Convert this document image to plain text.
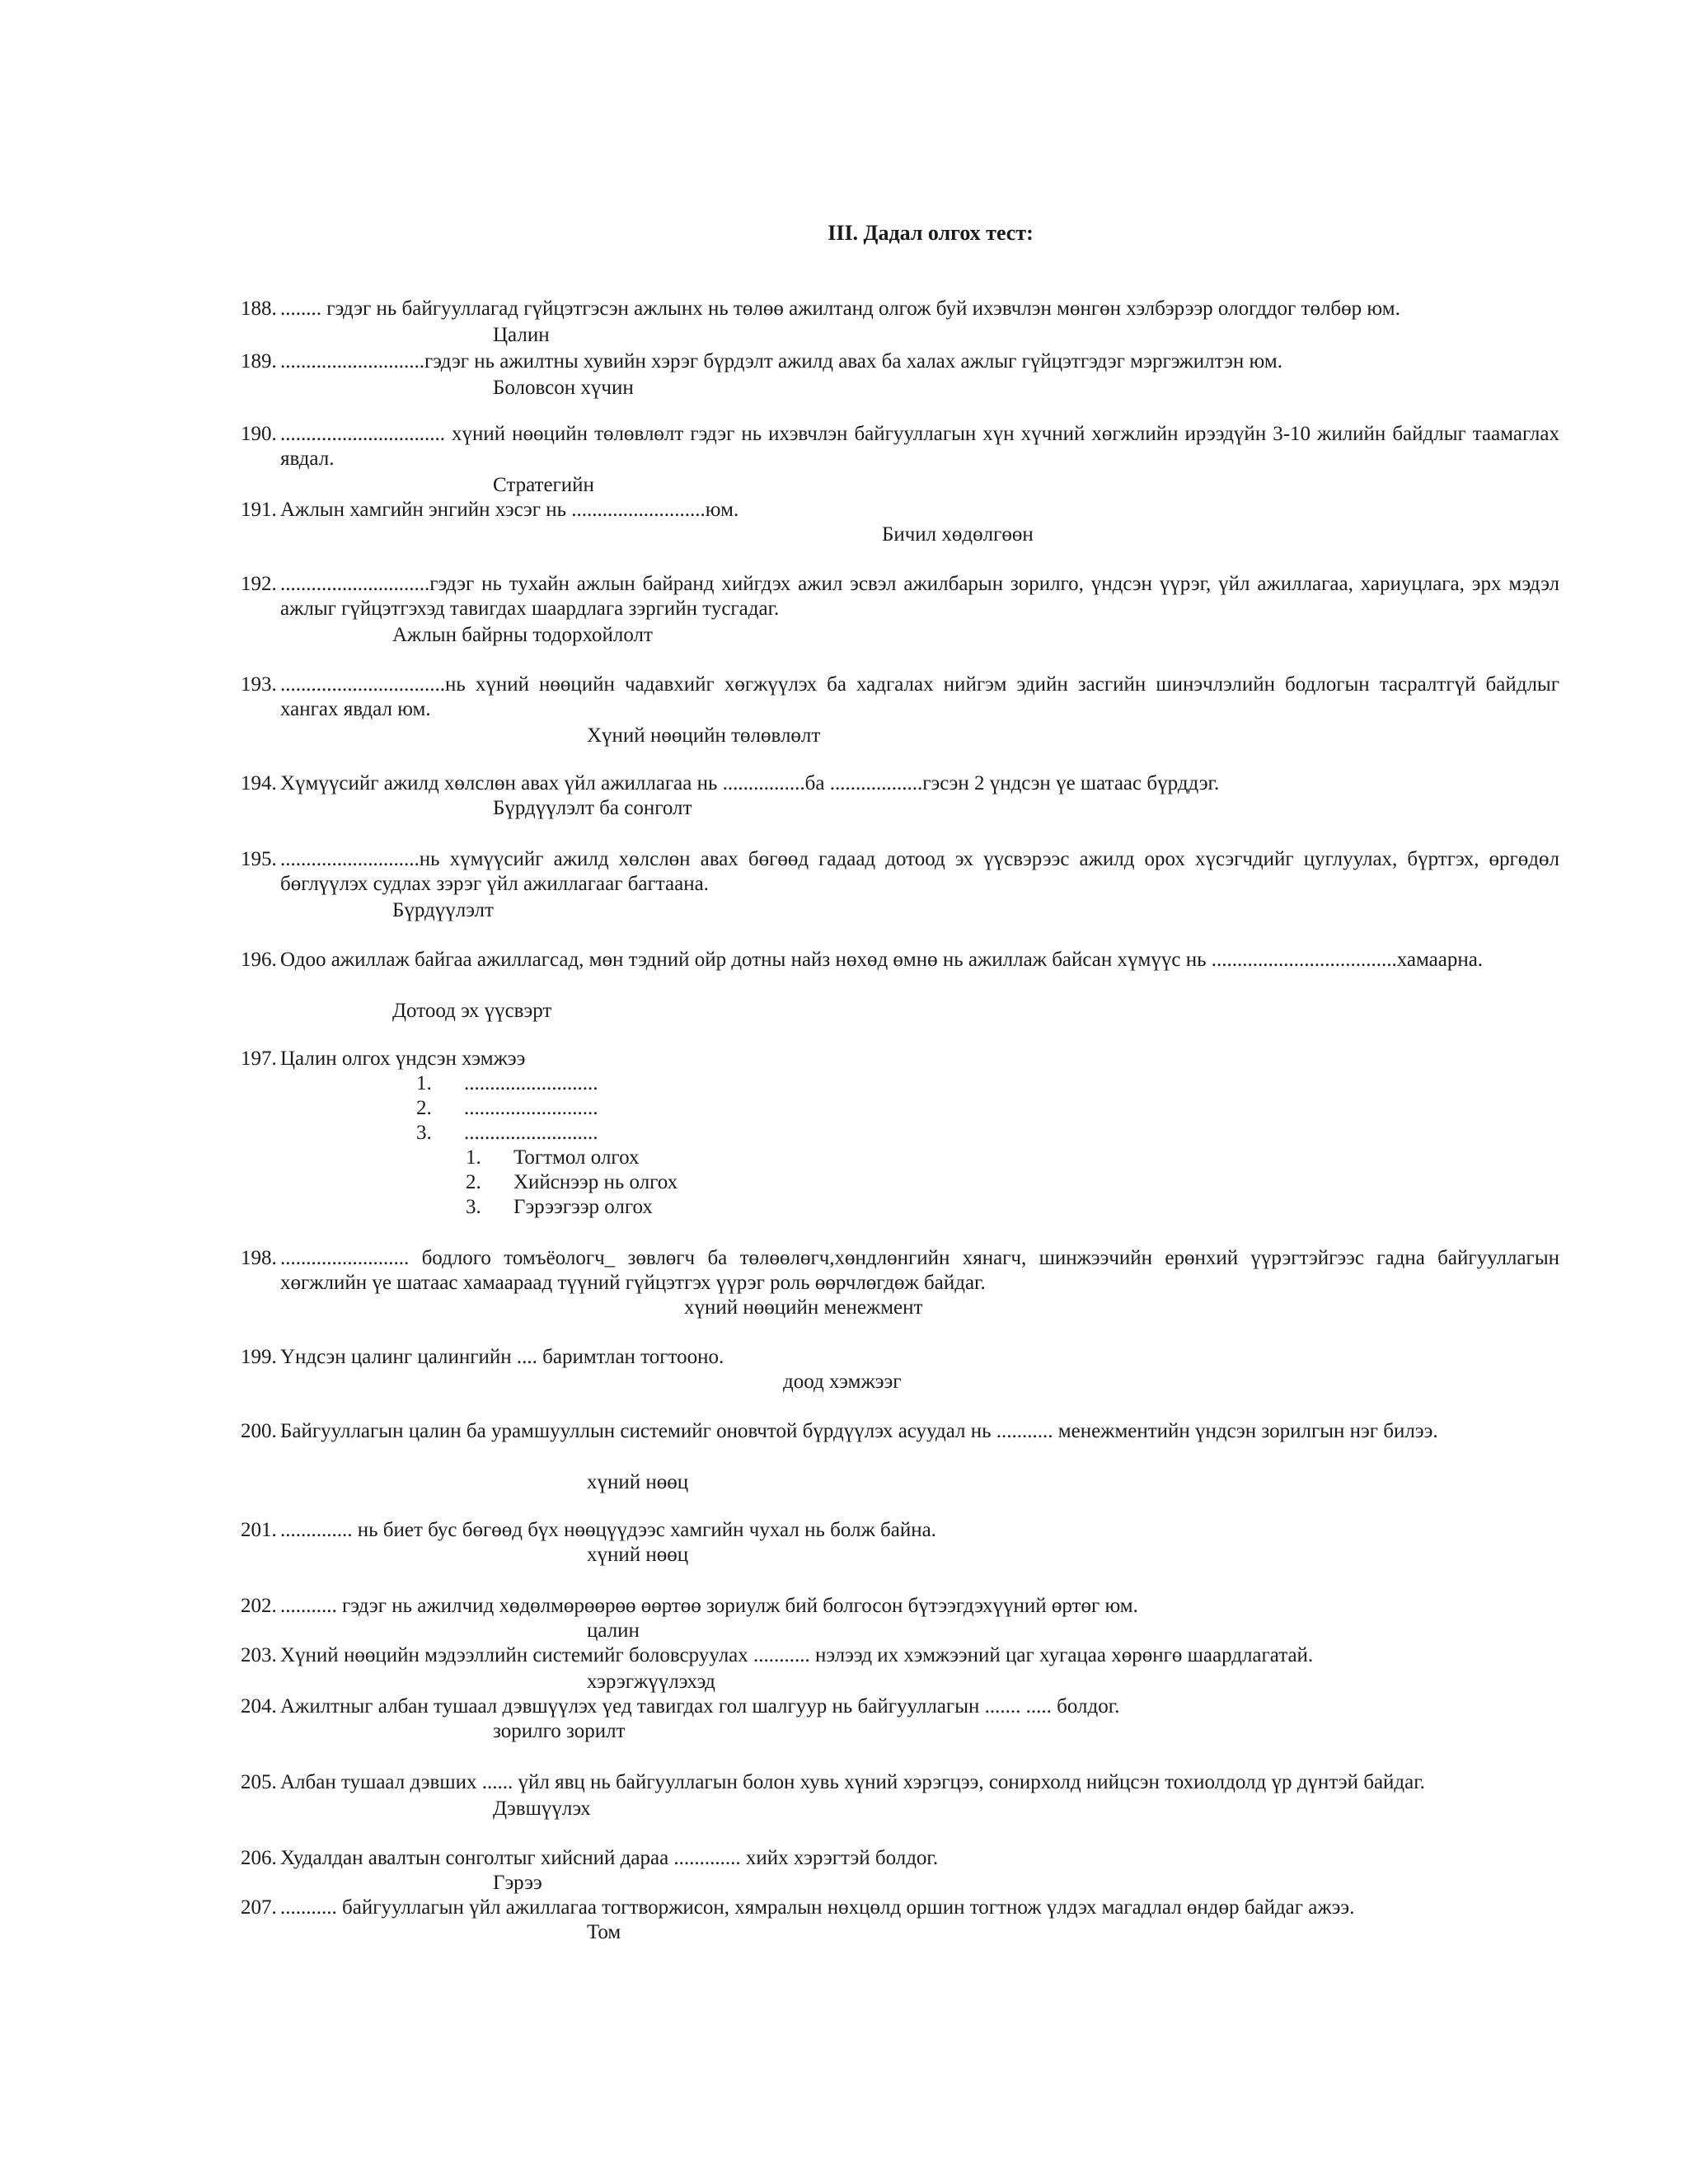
III. Дадал олгох тест:
188. ........ гэдэг нь байгууллагад гүйцэтгэсэн ажлынх нь төлөө ажилтанд олгож буй ихэвчлэн мөнгөн хэлбэрээр ологддог төлбөр юм.
Цалин
189. ............................гэдэг нь ажилтны хувийн хэрэг бүрдэлт ажилд авах ба халах ажлыг гүйцэтгэдэг мэргэжилтэн юм.
Боловсон хүчин
190. ................................ хүний нөөцийн төлөвлөлт гэдэг нь ихэвчлэн байгууллагын хүн хүчний хөгжлийн ирээдүйн 3-10 жилийн байдлыг таамаглах явдал.
Стратегийн
191. Ажлын хамгийн энгийн хэсэг нь ..........................юм.
Бичил хөдөлгөөн
192. .............................гэдэг нь тухайн ажлын байранд хийгдэх ажил эсвэл ажилбарын зорилго, үндсэн үүрэг, үйл ажиллагаа, хариуцлага, эрх мэдэл ажлыг гүйцэтгэхэд тавигдах шаардлага зэргийн тусгадаг.
Ажлын байрны тодорхойлолт
193. ................................нь хүний нөөцийн чадавхийг хөгжүүлэх ба хадгалах нийгэм эдийн засгийн шинэчлэлийн бодлогын тасралтгүй байдлыг хангах явдал юм.
Хүний нөөцийн төлөвлөлт
194. Хүмүүсийг ажилд хөлслөн авах үйл ажиллагаа нь ................ба ..................гэсэн 2 үндсэн үе шатаас бүрддэг.
Бүрдүүлэлт ба сонголт
195. ...........................нь хүмүүсийг ажилд хөлслөн авах бөгөөд гадаад дотоод эх үүсвэрээс ажилд орох хүсэгчдийг цуглуулах, бүртгэх, өргөдөл бөглүүлэх судлах зэрэг үйл ажиллагааг багтаана.
Бүрдүүлэлт
196. Одоо ажиллаж байгаа ажиллагсад, мөн тэдний ойр дотны найз нөхөд өмнө нь ажиллаж байсан хүмүүс нь ....................................хамаарна.
Дотоод эх үүсвэрт
197. Цалин олгох үндсэн хэмжээ
1. ..........................
2. ..........................
3. ..........................
1. Тогтмол олгох
2. Хийснээр нь олгох
3. Гэрээгээр олгох
198. ......................... бодлого томъёологч_ зөвлөгч ба төлөөлөгч,хөндлөнгийн хянагч, шинжээчийн ерөнхий үүрэгтэйгээс гадна байгууллагын хөгжлийн үе шатаас хамаараад түүний гүйцэтгэх үүрэг роль өөрчлөгдөж байдаг.
хүний нөөцийн менежмент
199. Үндсэн цалинг цалингийн .... баримтлан тогтооно.
доод хэмжээг
200. Байгууллагын цалин ба урамшууллын системийг оновчтой бүрдүүлэх асуудал нь ........... менежментийн үндсэн зорилгын нэг билээ.
хүний нөөц
201. .............. нь биет бус бөгөөд бүх нөөцүүдээс хамгийн чухал нь болж байна.
хүний нөөц
202. ........... гэдэг нь ажилчид хөдөлмөрөөрөө өөртөө зориулж бий болгосон бүтээгдэхүүний өртөг юм.
цалин
203. Хүний нөөцийн мэдээллийн системийг боловсруулах ........... нэлээд их хэмжээний цаг хугацаа хөрөнгө шаардлагатай.
хэрэгжүүлэхэд
204. Ажилтныг албан тушаал дэвшүүлэх үед тавигдах гол шалгуур нь байгууллагын ....... ..... болдог.
зорилго зорилт
205. Албан тушаал дэвших ...... үйл явц нь байгууллагын болон хувь хүний хэрэгцээ, сонирхолд нийцсэн тохиолдолд үр дүнтэй байдаг.
Дэвшүүлэх
206. Худалдан авалтын сонголтыг хийсний дараа ............. хийх хэрэгтэй болдог.
Гэрээ
207. ........... байгууллагын үйл ажиллагаа тогтворжисон, хямралын нөхцөлд оршин тогтнож үлдэх магадлал өндөр байдаг ажээ.
Том
